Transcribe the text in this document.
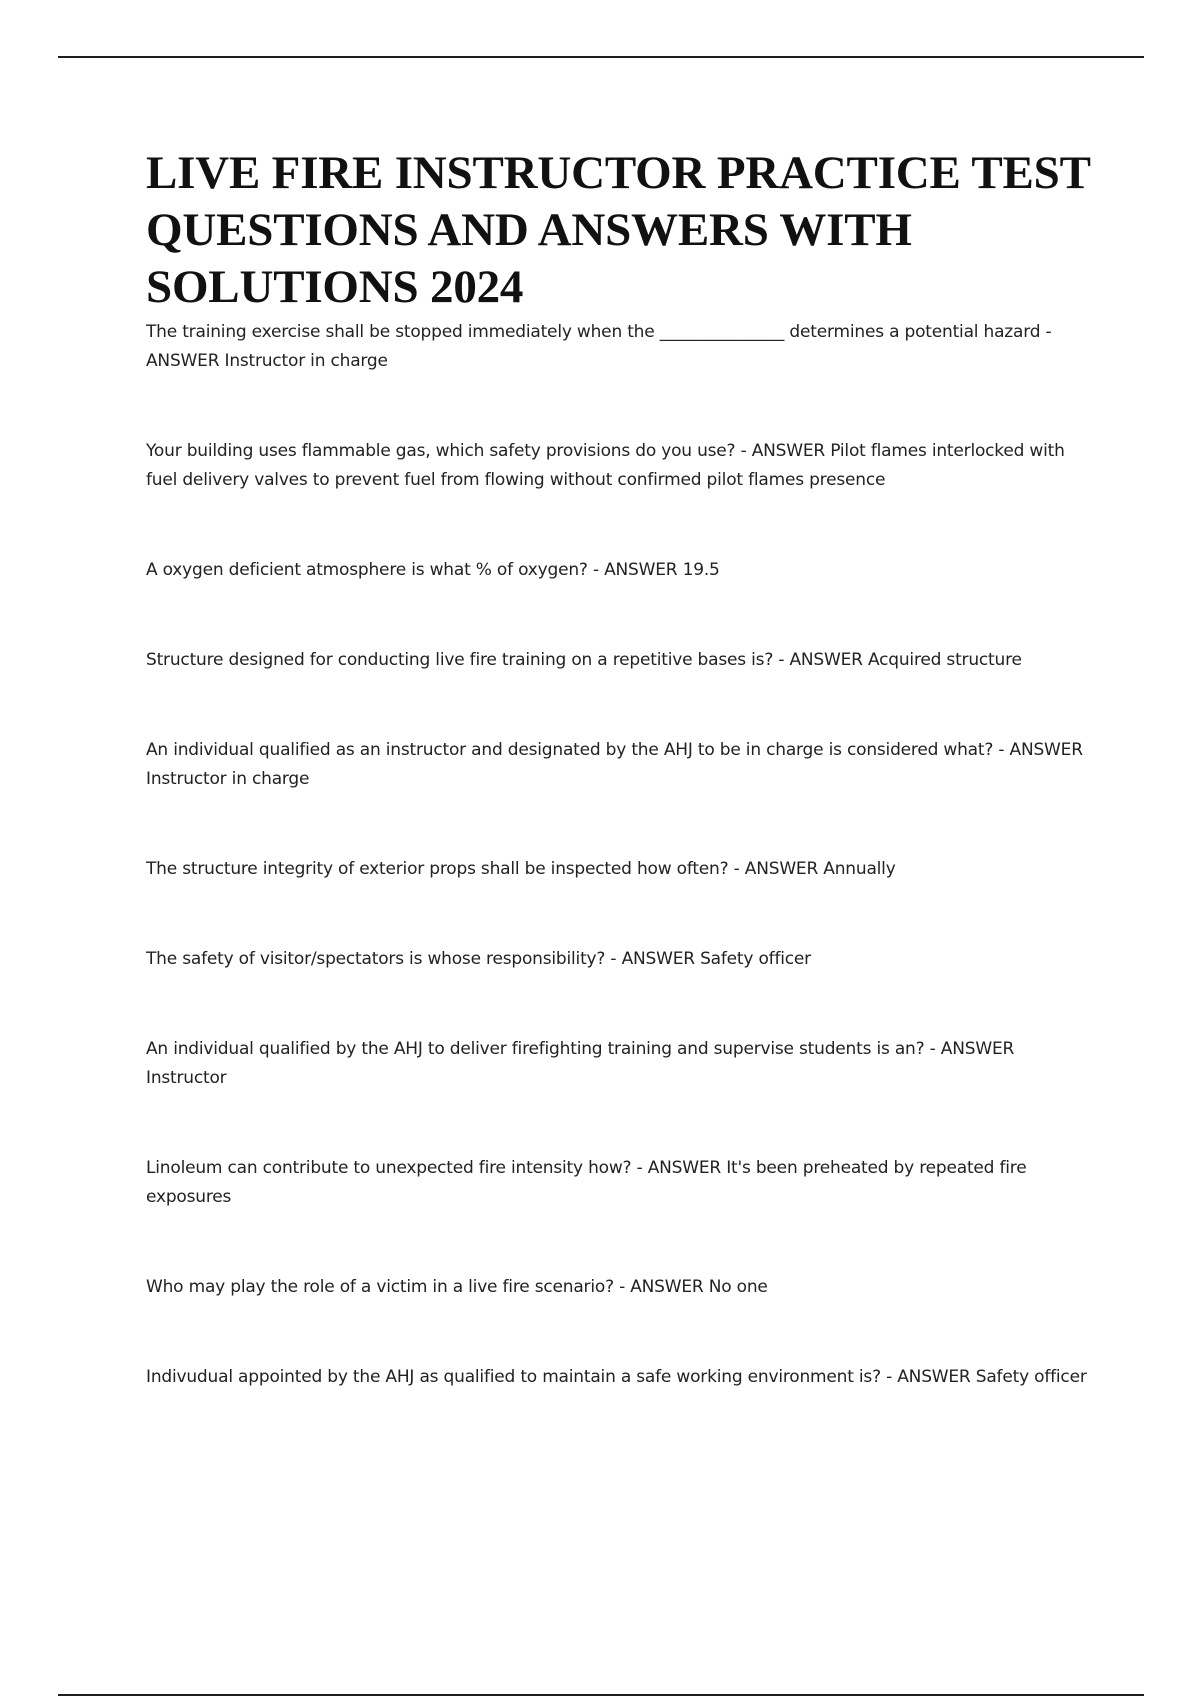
LIVE FIRE INSTRUCTOR PRACTICE TEST QUESTIONS AND ANSWERS WITH SOLUTIONS 2024
The training exercise shall be stopped immediately when the _______________ determines a potential hazard - ANSWER Instructor in charge
Your building uses flammable gas, which safety provisions do you use? - ANSWER Pilot flames interlocked with fuel delivery valves to prevent fuel from flowing without confirmed pilot flames presence
A oxygen deficient atmosphere is what % of oxygen? - ANSWER 19.5
Structure designed for conducting live fire training on a repetitive bases is? - ANSWER Acquired structure
An individual qualified as an instructor and designated by the AHJ to be in charge is considered what? - ANSWER Instructor in charge
The structure integrity of exterior props shall be inspected how often? - ANSWER Annually
The safety of visitor/spectators is whose responsibility? - ANSWER Safety officer
An individual qualified by the AHJ to deliver firefighting training and supervise students is an? - ANSWER Instructor
Linoleum can contribute to unexpected fire intensity how? - ANSWER It's been preheated by repeated fire exposures
Who may play the role of a victim in a live fire scenario? - ANSWER No one
Indivudual appointed by the AHJ as qualified to maintain a safe working environment is? - ANSWER Safety officer
